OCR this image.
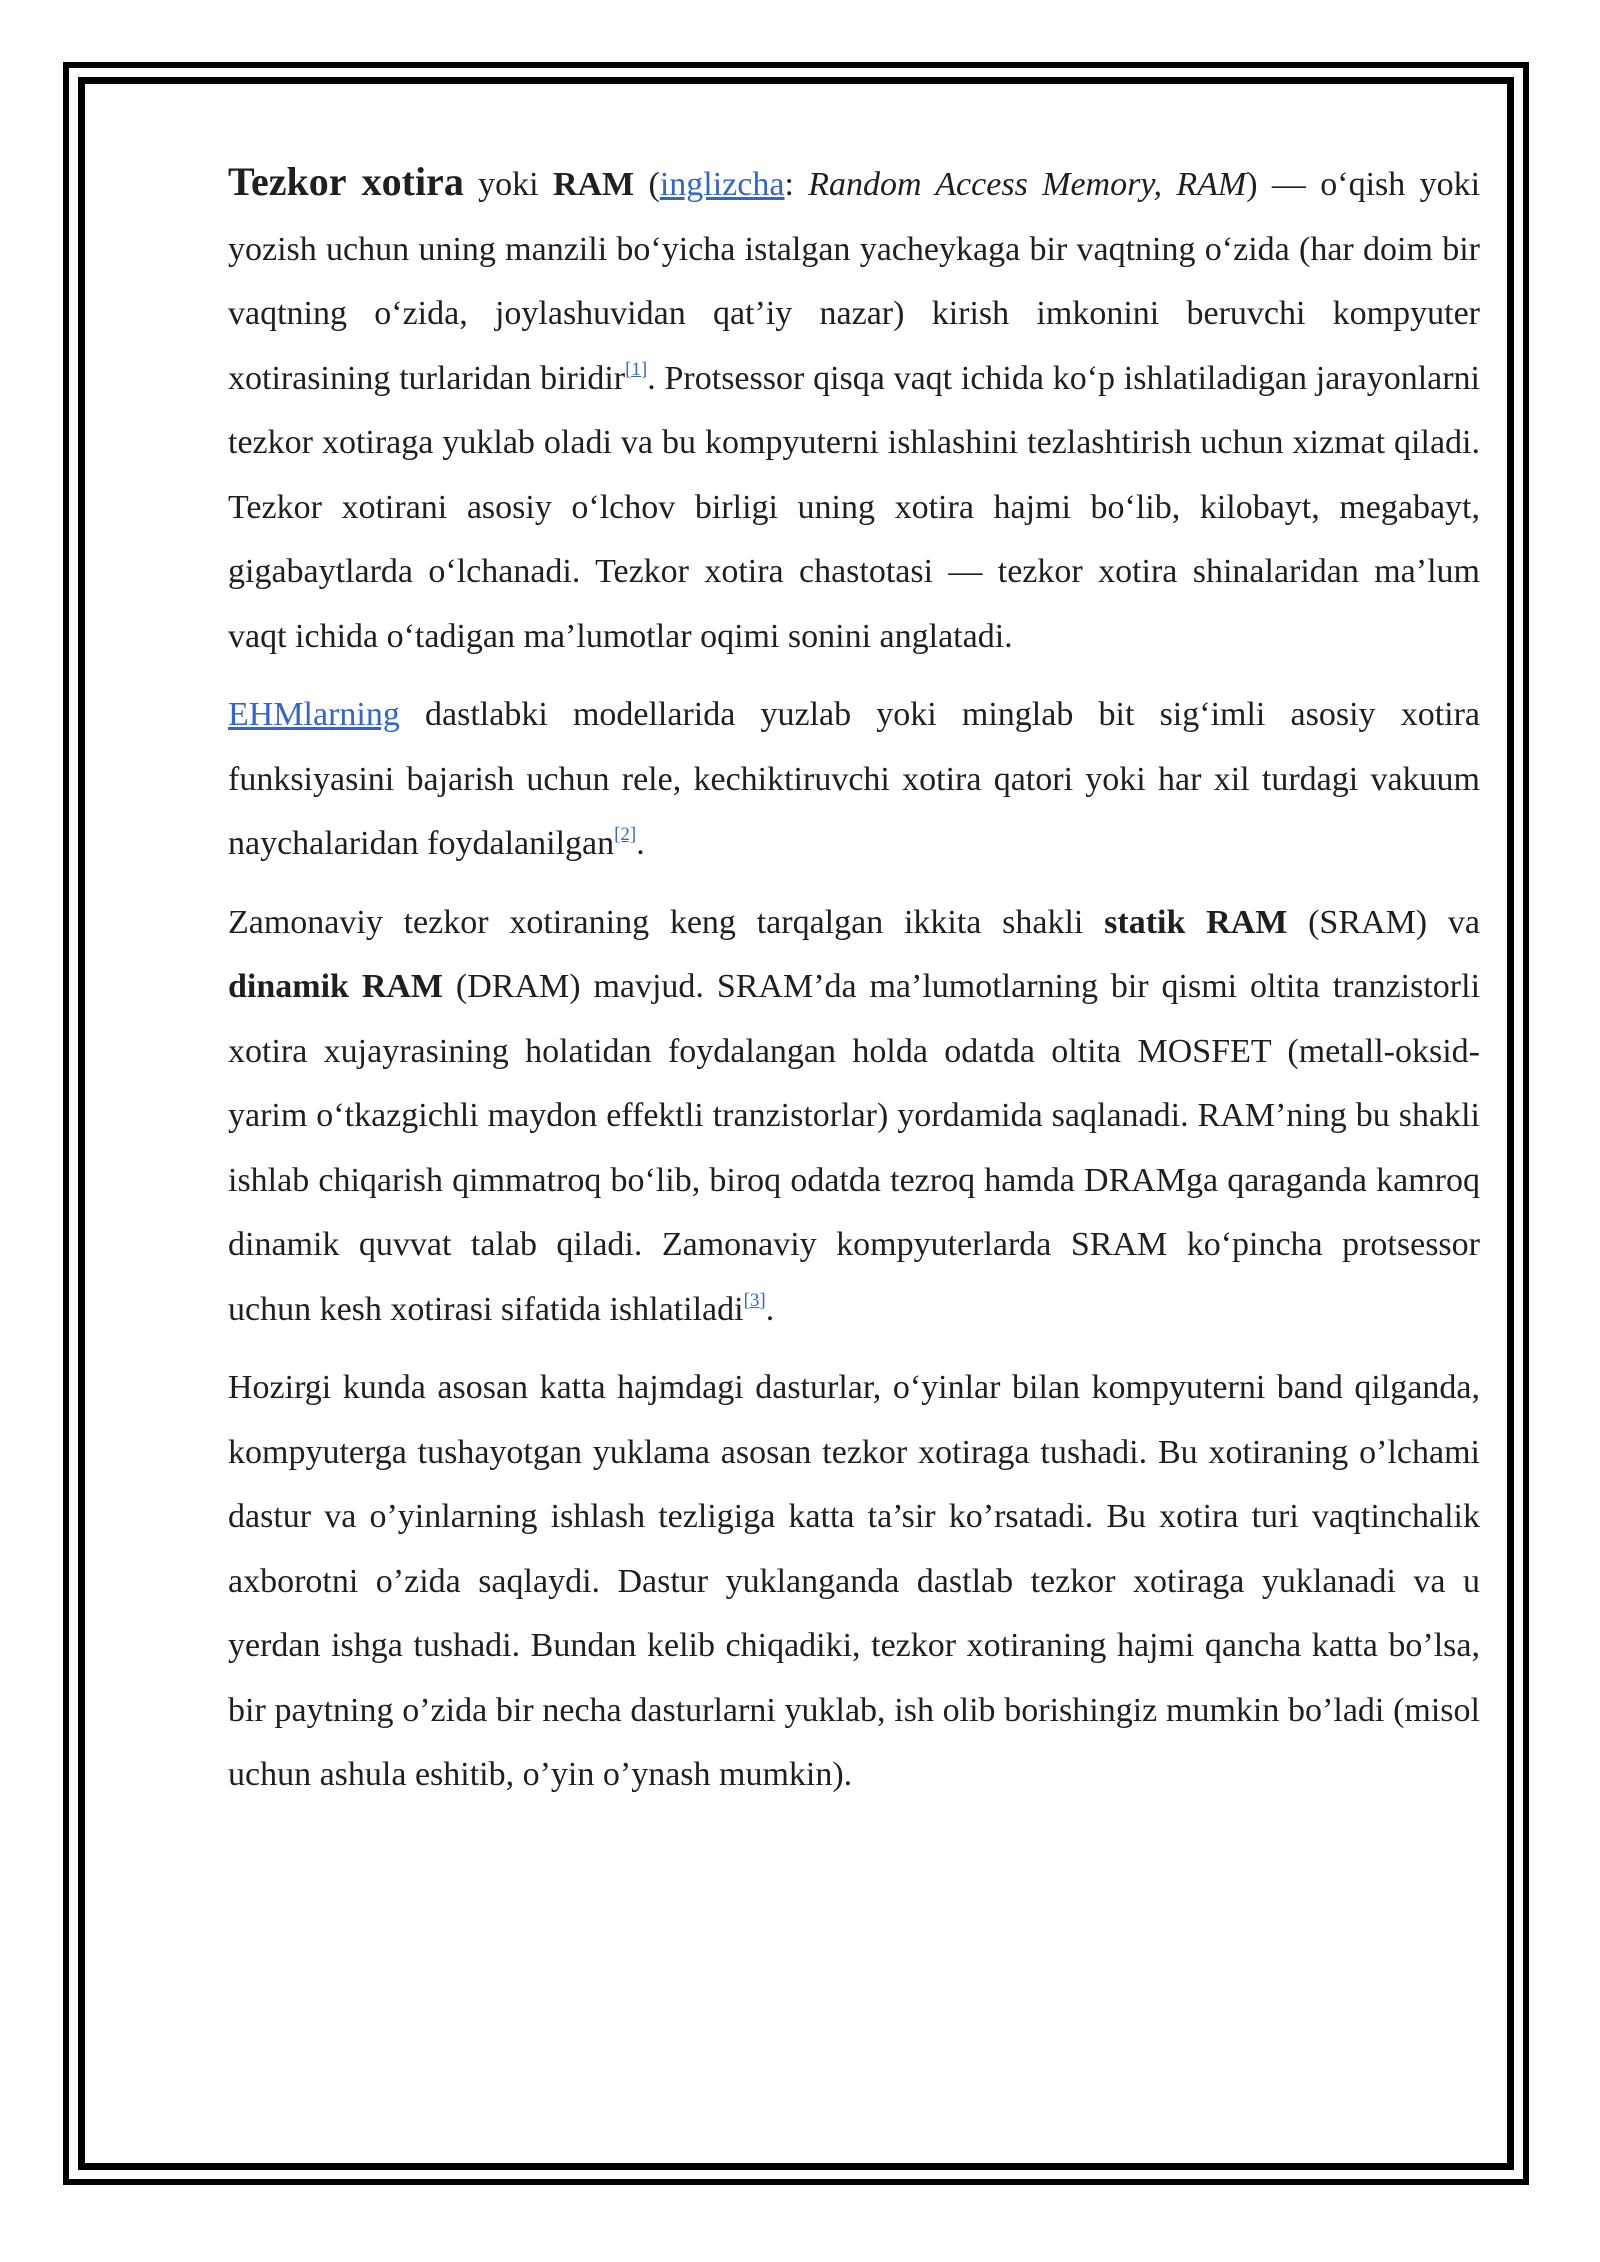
Tezkor xotira yoki RAM (inglizcha: Random Access Memory, RAM) — o‘qish yoki yozish uchun uning manzili bo‘yicha istalgan yacheykaga bir vaqtning o‘zida (har doim bir vaqtning o‘zida, joylashuvidan qat’iy nazar) kirish imkonini beruvchi kompyuter xotirasining turlaridan biridir[1]. Protsessor qisqa vaqt ichida ko‘p ishlatiladigan jarayonlarni tezkor xotiraga yuklab oladi va bu kompyuterni ishlashini tezlashtirish uchun xizmat qiladi. Tezkor xotirani asosiy o‘lchov birligi uning xotira hajmi bo‘lib, kilobayt, megabayt, gigabaytlarda o‘lchanadi. Tezkor xotira chastotasi — tezkor xotira shinalaridan ma’lum vaqt ichida o‘tadigan ma’lumotlar oqimi sonini anglatadi.

EHMlarning dastlabki modellarida yuzlab yoki minglab bit sig‘imli asosiy xotira funksiyasini bajarish uchun rele, kechiktiruvchi xotira qatori yoki har xil turdagi vakuum naychalaridan foydalanilgan[2].

Zamonaviy tezkor xotiraning keng tarqalgan ikkita shakli statik RAM (SRAM) va dinamik RAM (DRAM) mavjud. SRAM’da ma’lumotlarning bir qismi oltita tranzistorli xotira xujayrasining holatidan foydalangan holda odatda oltita MOSFET (metall-oksid-yarim o‘tkazgichli maydon effektli tranzistorlar) yordamida saqlanadi. RAM’ning bu shakli ishlab chiqarish qimmatroq bo‘lib, biroq odatda tezroq hamda DRAMga qaraganda kamroq dinamik quvvat talab qiladi. Zamonaviy kompyuterlarda SRAM ko‘pincha protsessor uchun kesh xotirasi sifatida ishlatiladi[3].

Hozirgi kunda asosan katta hajmdagi dasturlar, o‘yinlar bilan kompyuterni band qilganda, kompyuterga tushayotgan yuklama asosan tezkor xotiraga tushadi. Bu xotiraning o’lchami dastur va o’yinlarning ishlash tezligiga katta ta’sir ko’rsatadi. Bu xotira turi vaqtinchalik axborotni o’zida saqlaydi. Dastur yuklanganda dastlab tezkor xotiraga yuklanadi va u yerdan ishga tushadi. Bundan kelib chiqadiki, tezkor xotiraning hajmi qancha katta bo’lsa, bir paytning o’zida bir necha dasturlarni yuklab, ish olib borishingiz mumkin bo’ladi (misol uchun ashula eshitib, o’yin o’ynash mumkin).
